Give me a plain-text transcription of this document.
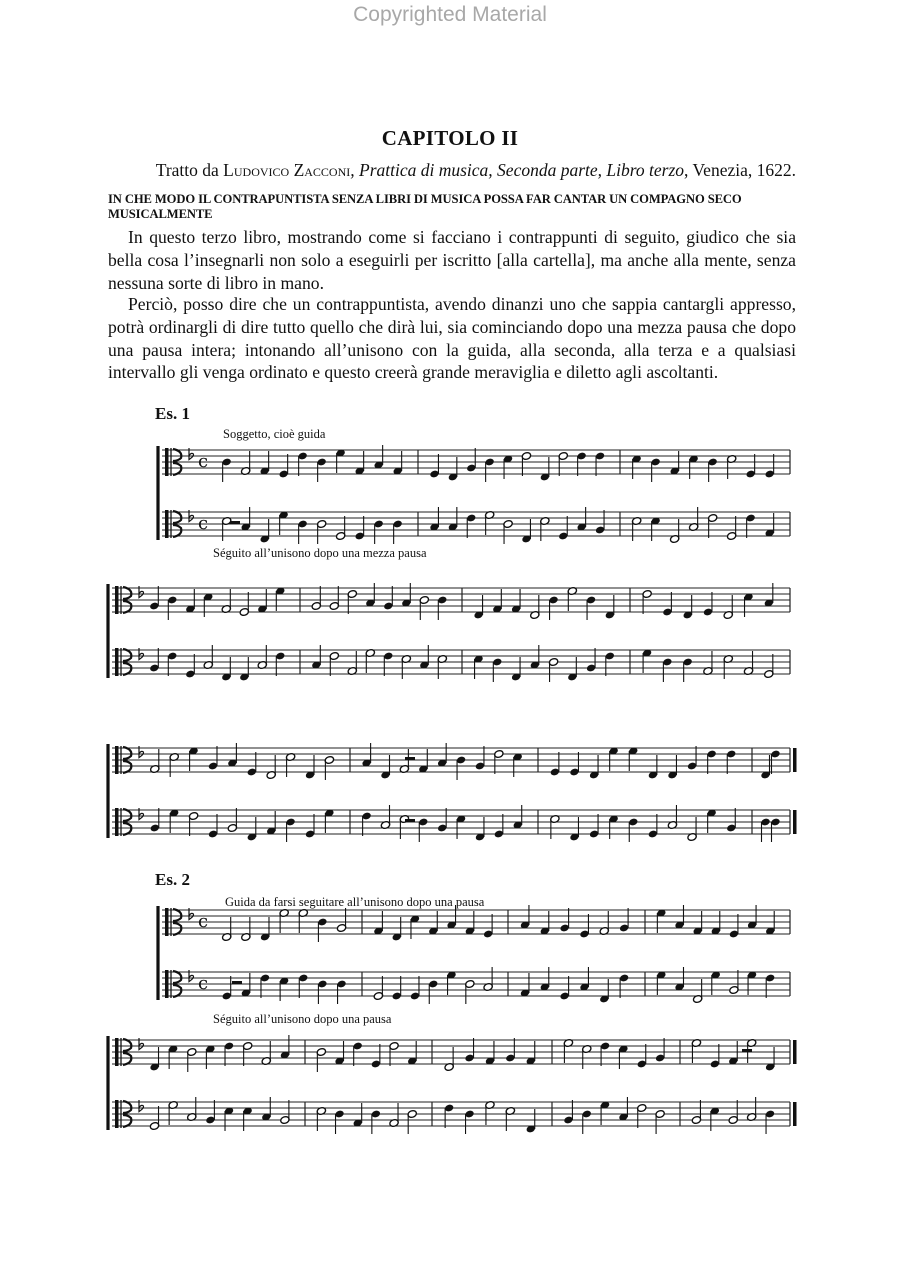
Copyrighted Material
CAPITOLO II
Tratto da Ludovico Zacconi, Prattica di musica, Seconda parte, Libro terzo, Venezia, 1622.
IN CHE MODO IL CONTRAPUNTISTA SENZA LIBRI DI MUSICA POSSA FAR CANTAR UN COMPAGNO SECO MUSICALMENTE

In questo terzo libro, mostrando come si facciano i contrappunti di seguito, giudico che sia bella cosa l’insegnarli non solo a eseguirli per iscritto [alla cartella], ma anche alla mente, senza nessuna sorte di libro in mano.

Perciò, posso dire che un contrappuntista, avendo dinanzi uno che sappia cantargli appresso, potrà ordinargli di dire tutto quello che dirà lui, sia cominciando dopo una mezza pausa che dopo una pausa intera; intonando all’unisono con la guida, alla seconda, alla terza e a qualsiasi intervallo gli venga ordinato e questo creerà grande meraviglia e diletto agli ascoltanti.

Es. 1
Soggetto, cioè guida
Séguito all’unisono dopo una mezza pausa
c
c
Es. 2
Guida da farsi seguitare all’unisono dopo una pausa
Séguito all’unisono dopo una pausa
c
c
